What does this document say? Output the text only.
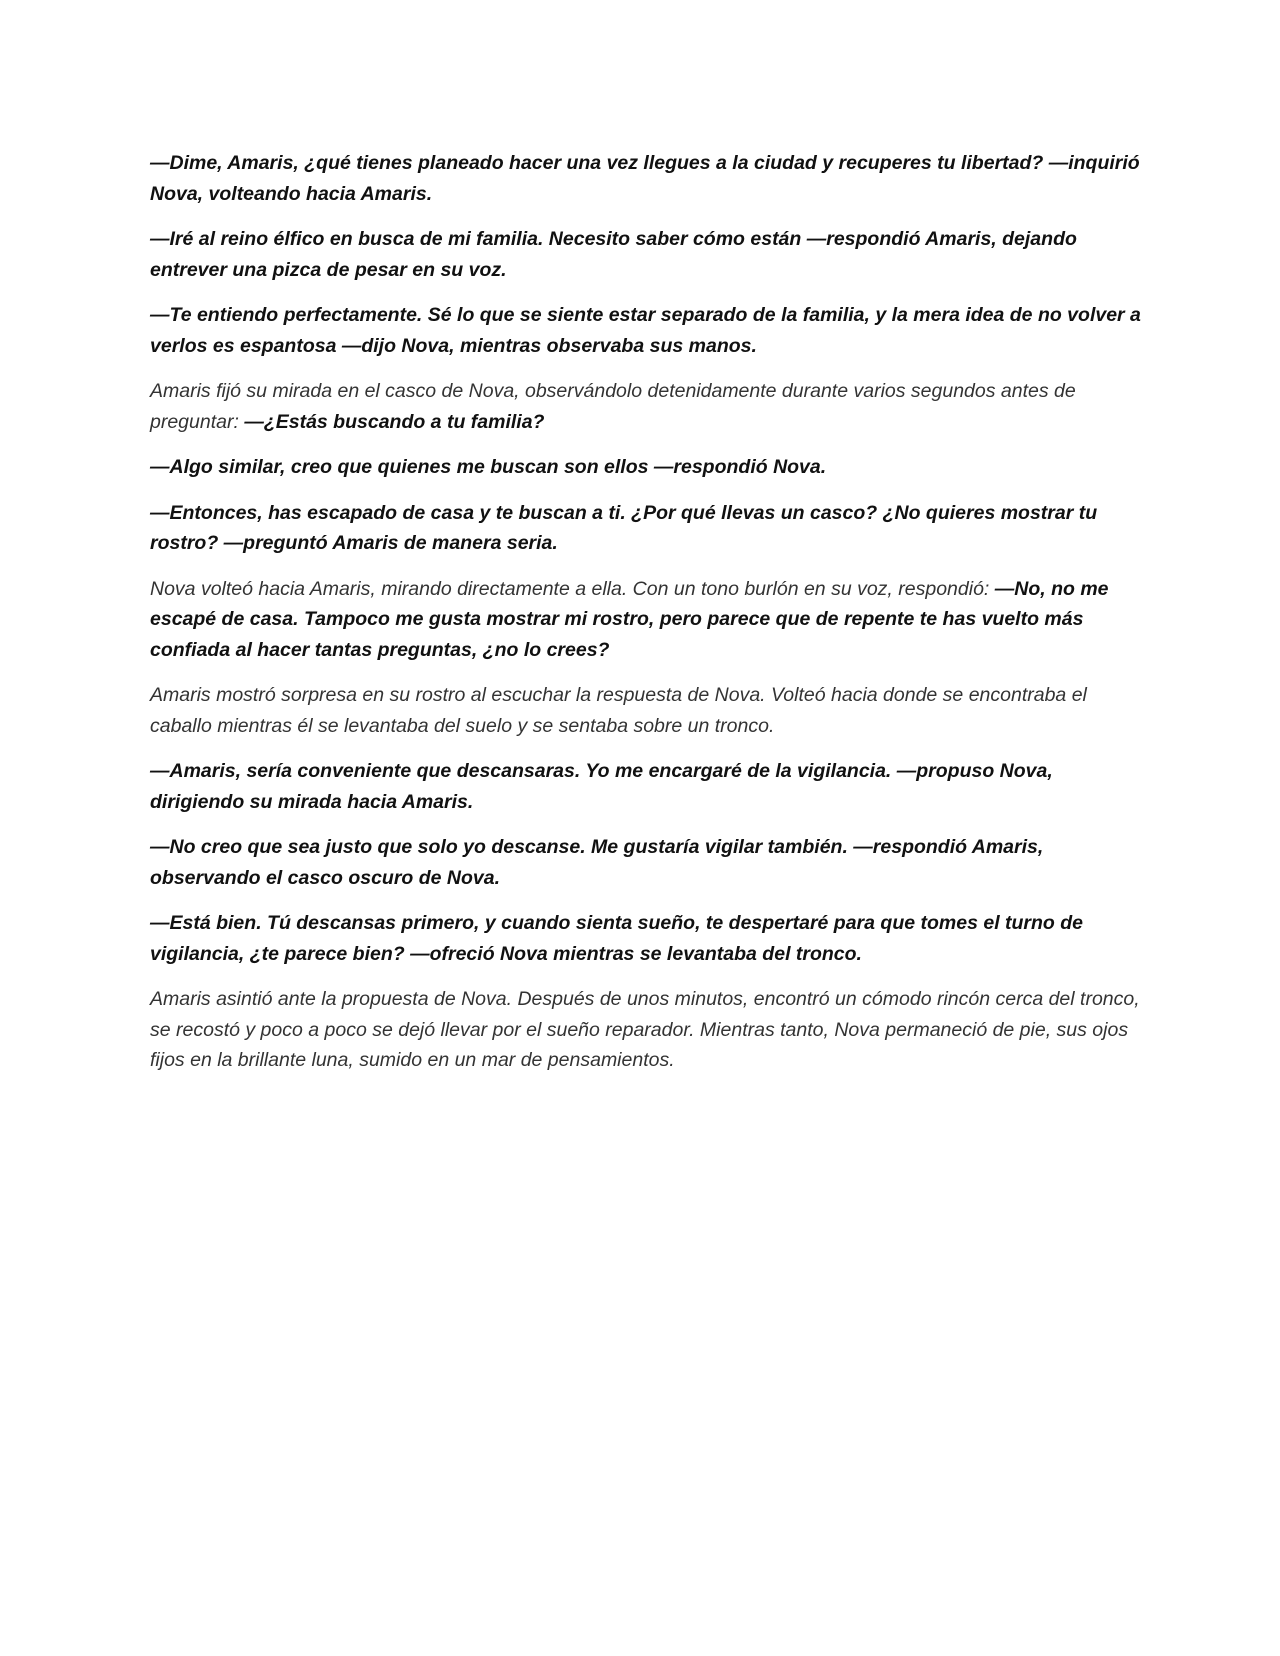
—Dime, Amaris, ¿qué tienes planeado hacer una vez llegues a la ciudad y recuperes tu libertad? —inquirió Nova, volteando hacia Amaris.

—Iré al reino élfico en busca de mi familia. Necesito saber cómo están —respondió Amaris, dejando entrever una pizca de pesar en su voz.

—Te entiendo perfectamente. Sé lo que se siente estar separado de la familia, y la mera idea de no volver a verlos es espantosa —dijo Nova, mientras observaba sus manos.

Amaris fijó su mirada en el casco de Nova, observándolo detenidamente durante varios segundos antes de preguntar: —¿Estás buscando a tu familia?

—Algo similar, creo que quienes me buscan son ellos —respondió Nova.

—Entonces, has escapado de casa y te buscan a ti. ¿Por qué llevas un casco? ¿No quieres mostrar tu rostro? —preguntó Amaris de manera seria.

Nova volteó hacia Amaris, mirando directamente a ella. Con un tono burlón en su voz, respondió: —No, no me escapé de casa. Tampoco me gusta mostrar mi rostro, pero parece que de repente te has vuelto más confiada al hacer tantas preguntas, ¿no lo crees?

Amaris mostró sorpresa en su rostro al escuchar la respuesta de Nova. Volteó hacia donde se encontraba el caballo mientras él se levantaba del suelo y se sentaba sobre un tronco.

—Amaris, sería conveniente que descansaras. Yo me encargaré de la vigilancia. —propuso Nova, dirigiendo su mirada hacia Amaris.

—No creo que sea justo que solo yo descanse. Me gustaría vigilar también. —respondió Amaris, observando el casco oscuro de Nova.

—Está bien. Tú descansas primero, y cuando sienta sueño, te despertaré para que tomes el turno de vigilancia, ¿te parece bien? —ofreció Nova mientras se levantaba del tronco.

Amaris asintió ante la propuesta de Nova. Después de unos minutos, encontró un cómodo rincón cerca del tronco, se recostó y poco a poco se dejó llevar por el sueño reparador. Mientras tanto, Nova permaneció de pie, sus ojos fijos en la brillante luna, sumido en un mar de pensamientos.
